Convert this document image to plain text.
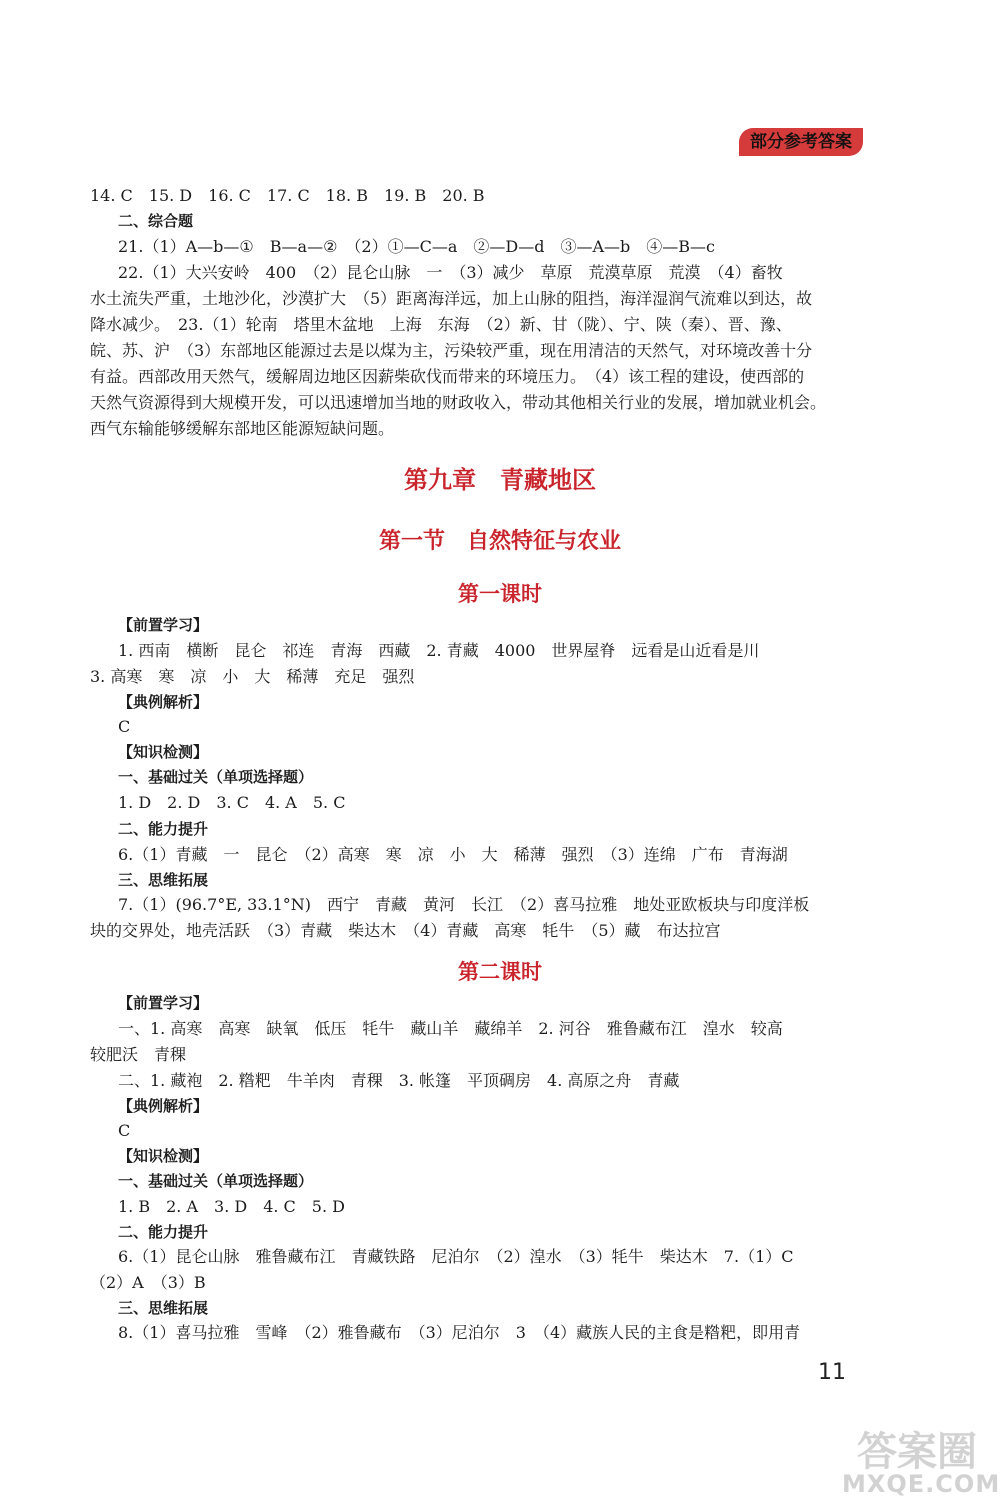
部分参考答案
14. C　15. D　16. C　17. C　18. B　19. B　20. B
二、综合题
21.（1）A—b—①　B—a—②　（2）①—C—a　②—D—d　③—A—b　④—B—c
22.（1）大兴安岭　400　（2）昆仑山脉　一　（3）减少　草原　荒漠草原　荒漠　（4）畜牧
水土流失严重，土地沙化，沙漠扩大　（5）距离海洋远，加上山脉的阻挡，海洋湿润气流难以到达，故
降水减少。　23.（1）轮南　塔里木盆地　上海　东海　（2）新、甘（陇）、宁、陕（秦）、晋、豫、
皖、苏、沪　（3）东部地区能源过去是以煤为主，污染较严重，现在用清洁的天然气，对环境改善十分
有益。西部改用天然气，缓解周边地区因薪柴砍伐而带来的环境压力。　（4）该工程的建设，使西部的
天然气资源得到大规模开发，可以迅速增加当地的财政收入，带动其他相关行业的发展，增加就业机会。
西气东输能够缓解东部地区能源短缺问题。
第九章　青藏地区
第一节　自然特征与农业
第一课时
【前置学习】
1. 西南　横断　昆仑　祁连　青海　西藏　2. 青藏　4000　世界屋脊　远看是山近看是川
3. 高寒　寒　凉　小　大　稀薄　充足　强烈
【典例解析】
C
【知识检测】
一、基础过关（单项选择题）
1. D　2. D　3. C　4. A　5. C
二、能力提升
6.（1）青藏　一　昆仑　（2）高寒　寒　凉　小　大　稀薄　强烈　（3）连绵　广布　青海湖
三、思维拓展
7.（1）(96.7°E, 33.1°N)　西宁　青藏　黄河　长江　（2）喜马拉雅　地处亚欧板块与印度洋板
块的交界处，地壳活跃　（3）青藏　柴达木　（4）青藏　高寒　牦牛　（5）藏　布达拉宫
第二课时
【前置学习】
一、1. 高寒　高寒　缺氧　低压　牦牛　藏山羊　藏绵羊　2. 河谷　雅鲁藏布江　湟水　较高
较肥沃　青稞
二、1. 藏袍　2. 糌粑　牛羊肉　青稞　3. 帐篷　平顶碉房　4. 高原之舟　青藏
【典例解析】
C
【知识检测】
一、基础过关（单项选择题）
1. B　2. A　3. D　4. C　5. D
二、能力提升
6.（1）昆仑山脉　雅鲁藏布江　青藏铁路　尼泊尔　（2）湟水　（3）牦牛　柴达木　7.（1）C
（2）A　（3）B
三、思维拓展
8.（1）喜马拉雅　雪峰　（2）雅鲁藏布　（3）尼泊尔　3　（4）藏族人民的主食是糌粑，即用青
11
答案圈
MXQE.COM
